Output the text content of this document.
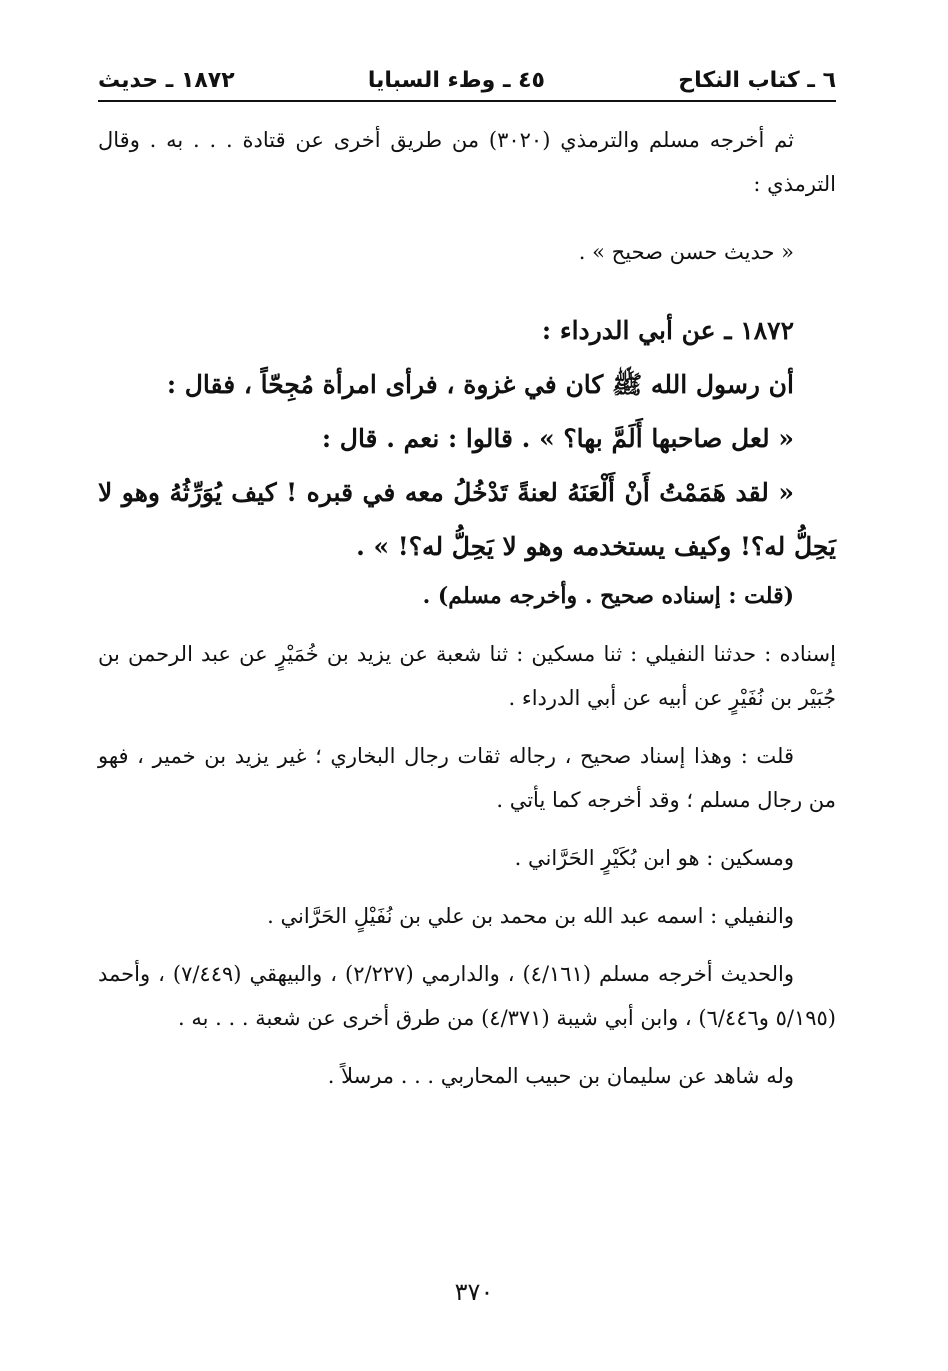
٦ ـ كتاب النكاح
٤٥ ـ وطء السبايا
١٨٧٢ ـ حديث

ثم أخرجه مسلم والترمذي (٣٠٢٠) من طريق أخرى عن قتادة . . . به . وقال الترمذي :

« حديث حسن صحيح » .

١٨٧٢ ـ عن أبي الدرداء :

أن رسول الله ﷺ كان في غزوة ، فرأى امرأة مُجِحّاً ، فقال :

« لعل صاحبها أَلَمَّ بها؟ » . قالوا : نعم . قال :

« لقد هَمَمْتُ أَنْ أَلْعَنَهُ لعنةً تَدْخُلُ معه في قبره ! كيف يُوَرِّثُهُ وهو لا يَحِلُّ له؟! وكيف يستخدمه وهو لا يَحِلُّ له؟! » .

(قلت : إسناده صحيح . وأخرجه مسلم) .

إسناده : حدثنا النفيلي : ثنا مسكين : ثنا شعبة عن يزيد بن خُمَيْرٍ عن عبد الرحمن بن جُبَيْر بن نُفَيْرٍ عن أبيه عن أبي الدرداء .

قلت : وهذا إسناد صحيح ، رجاله ثقات رجال البخاري ؛ غير يزيد بن خمير ، فهو من رجال مسلم ؛ وقد أخرجه كما يأتي .

ومسكين : هو ابن بُكَيْرٍ الحَرَّاني .

والنفيلي : اسمه عبد الله بن محمد بن علي بن نُفَيْلٍ الحَرَّاني .

والحديث أخرجه مسلم (٤/١٦١) ، والدارمي (٢/٢٢٧) ، والبيهقي (٧/٤٤٩) ، وأحمد (٥/١٩٥ و٦/٤٤٦) ، وابن أبي شيبة (٤/٣٧١) من طرق أخرى عن شعبة . . . به .

وله شاهد عن سليمان بن حبيب المحاربي . . . مرسلاً .

٣٧٠
